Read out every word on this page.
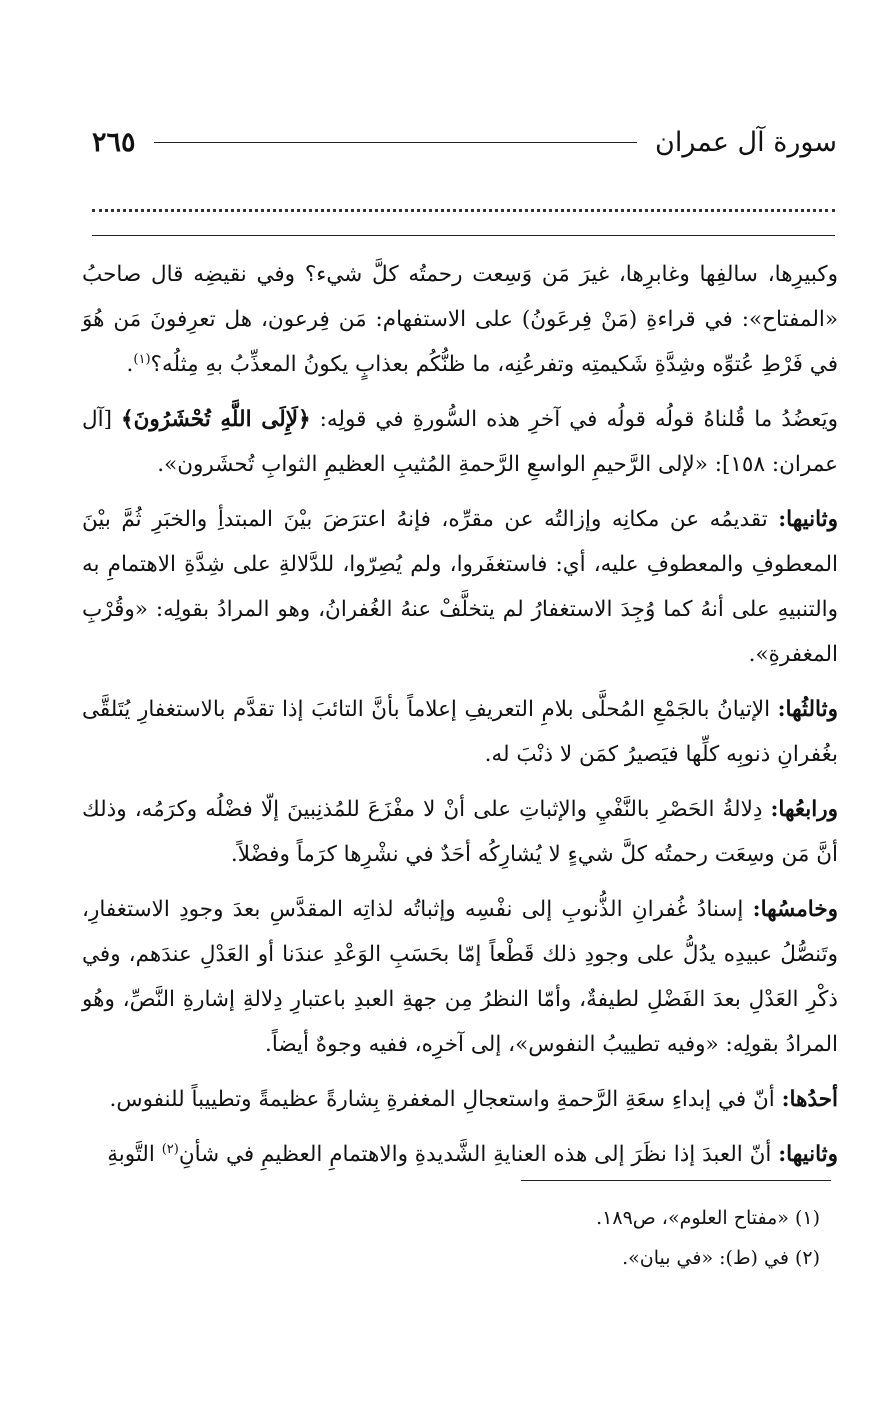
سورة آل عمران
٢٦٥

وكبيرِها، سالفِها وغابرِها، غيرَ مَن وَسِعت رحمتُه كلَّ شيء؟ وفي نقيضِه قال صاحبُ «المفتاح»: في قراءةِ (مَنْ فِرعَونُ) على الاستفهام: مَن فِرعون، هل تعرِفونَ مَن هُوَ في فَرْطِ عُتوِّه وشِدَّةِ شَكيمتِه وتفرعُنِه، ما ظنُّكُم بعذابٍ يكونُ المعذِّبُ بهِ مِثلُه؟$^{(١)}$.

ويَعضُدُ ما قُلناهُ قولُه قولُه في آخرِ هذه السُّورةِ في قولِه: ﴿لَإِلَى اللَّهِ تُحْشَرُونَ﴾ [آل عمران: ١٥٨]: «لإلى الرَّحيمِ الواسعِ الرَّحمةِ المُثيبِ العظيمِ الثوابِ تُحشَرون».

وثانيها: تقديمُه عن مكانِه وإزالتُه عن مقرِّه، فإنهُ اعترَضَ بيْنَ المبتدأِ والخبَرِ ثُمَّ بيْنَ المعطوفِ والمعطوفِ عليه، أي: فاستغفَروا، ولم يُصِرّوا، للدَّلالةِ على شِدَّةِ الاهتمامِ به والتنبيهِ على أنهُ كما وُجِدَ الاستغفارُ لم يتخلَّفْ عنهُ الغُفرانُ، وهو المرادُ بقولِه: «وقُرْبِ المغفرةِ».

وثالثُها: الإتيانُ بالجَمْعِ المُحلَّى بلامِ التعريفِ إعلاماً بأنَّ التائبَ إذا تقدَّم بالاستغفارِ يُتَلقَّى بغُفرانِ ذنوبِه كلِّها فيَصيرُ كمَن لا ذنْبَ له.

ورابعُها: دِلالةُ الحَصْرِ بالنَّفْيِ والإثباتِ على أنْ لا مفْزَعَ للمُذنِبينَ إلّا فضْلُه وكرَمُه، وذلك أنَّ مَن وسِعَت رحمتُه كلَّ شيءٍ لا يُشارِكُه أحَدٌ في نشْرِها كرَماً وفضْلاً.

وخامسُها: إسنادُ غُفرانِ الذُّنوبِ إلى نفْسِه وإثباتُه لذاتِه المقدَّسِ بعدَ وجودِ الاستغفارِ، وتَنصُّلُ عبيدِه يدُلُّ على وجودِ ذلك قَطْعاً إمّا بحَسَبِ الوَعْدِ عندَنا أو العَدْلِ عندَهم، وفي ذكْرِ العَدْلِ بعدَ الفَضْلِ لطيفةٌ، وأمّا النظرُ مِن جهةِ العبدِ باعتبارِ دِلالةِ إشارةِ النَّصِّ، وهُو المرادُ بقولِه: «وفيه تطييبُ النفوس»، إلى آخرِه، ففيه وجوهٌ أيضاً.

أحدُها: أنّ في إبداءِ سعَةِ الرَّحمةِ واستعجالِ المغفرةِ بِشارةً عظيمةً وتطييباً للنفوس.

وثانيها: أنّ العبدَ إذا نظَرَ إلى هذه العنايةِ الشَّديدةِ والاهتمامِ العظيمِ في شأنِ$^{(٢)}$ التَّوبةِ

(١) «مفتاح العلوم»، ص١٨٩.

(٢) في (ط): «في بيان».
